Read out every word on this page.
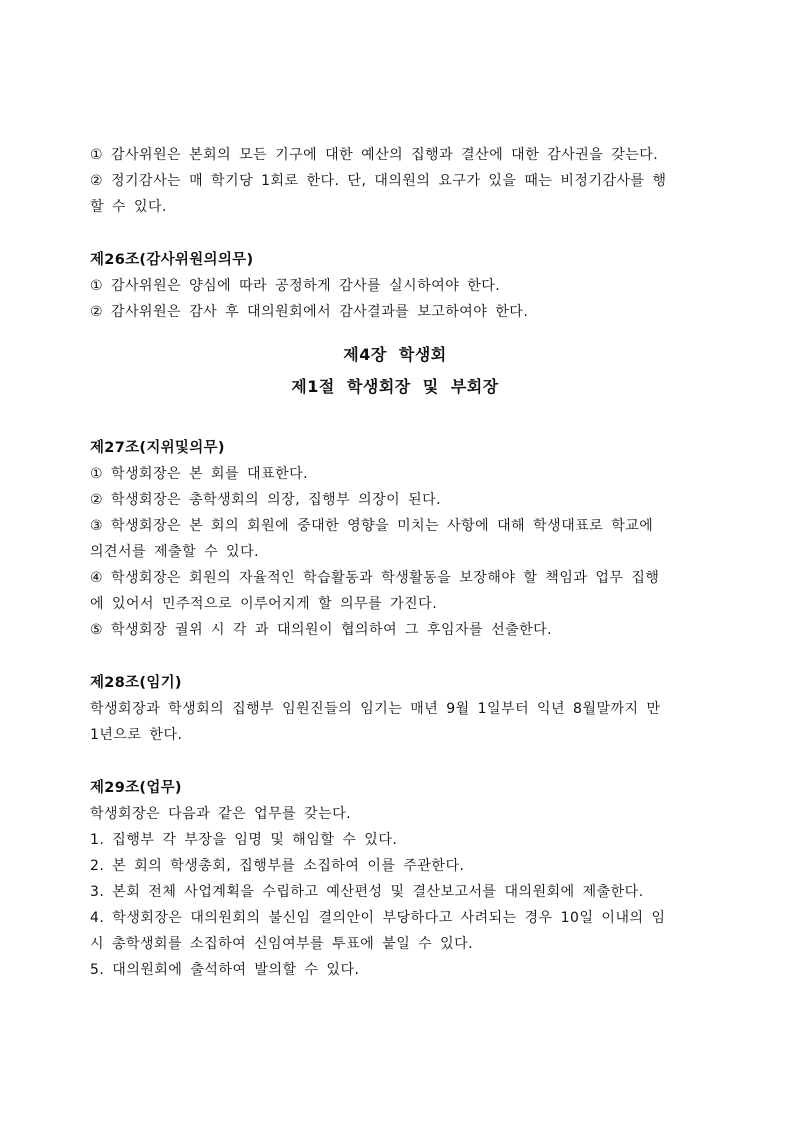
① 감사위원은 본회의 모든 기구에 대한 예산의 집행과 결산에 대한 감사권을 갖는다.
② 정기감사는 매 학기당 1회로 한다. 단, 대의원의 요구가 있을 때는 비정기감사를 행
할 수 있다.
제26조(감사위원의의무)
① 감사위원은 양심에 따라 공정하게 감사를 실시하여야 한다.
② 감사위원은 감사 후 대의원회에서 감사결과를 보고하여야 한다.
제4장 학생회
제1절 학생회장 및 부회장
제27조(지위및의무)
① 학생회장은 본 회를 대표한다.
② 학생회장은 총학생회의 의장, 집행부 의장이 된다.
③ 학생회장은 본 회의 회원에 중대한 영향을 미치는 사항에 대해 학생대표로 학교에
의견서를 제출할 수 있다.
④ 학생회장은 회원의 자율적인 학습활동과 학생활동을 보장해야 할 책임과 업무 집행
에 있어서 민주적으로 이루어지게 할 의무를 가진다.
⑤ 학생회장 궐위 시 각 과 대의원이 협의하여 그 후임자를 선출한다.
제28조(임기)
학생회장과 학생회의 집행부 임원진들의 임기는 매년 9월 1일부터 익년 8월말까지 만
1년으로 한다.
제29조(업무)
학생회장은 다음과 같은 업무를 갖는다.
1. 집행부 각 부장을 임명 및 해임할 수 있다.
2. 본 회의 학생총회, 집행부를 소집하여 이를 주관한다.
3. 본회 전체 사업계획을 수립하고 예산편성 및 결산보고서를 대의원회에 제출한다.
4. 학생회장은 대의원회의 불신임 결의안이 부당하다고 사려되는 경우 10일 이내의 임
시 총학생회를 소집하여 신임여부를 투표에 붙일 수 있다.
5. 대의원회에 출석하여 발의할 수 있다.
